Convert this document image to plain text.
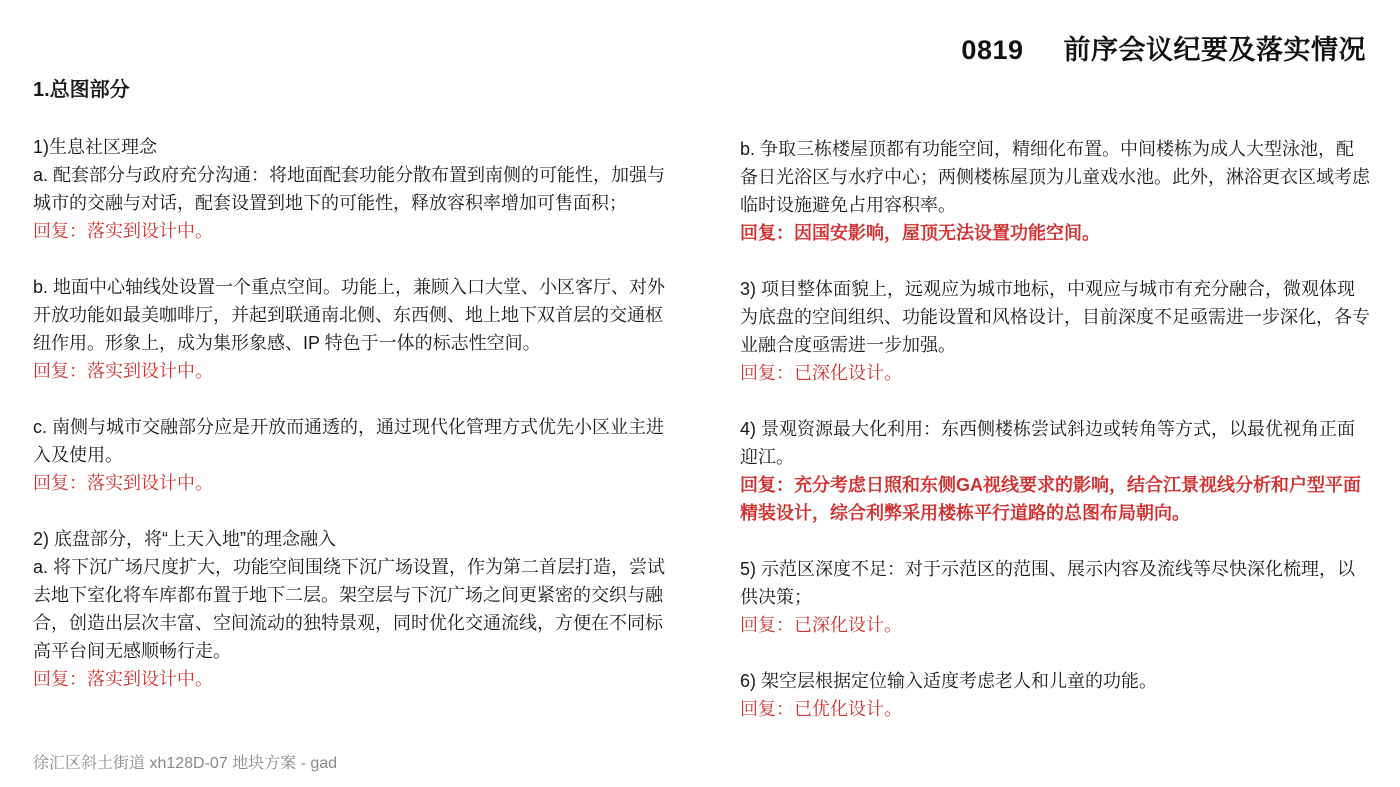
0819 前序会议纪要及落实情况
1.总图部分
1)生息社区理念
a. 配套部分与政府充分沟通：将地面配套功能分散布置到南侧的可能性，加强与城市的交融与对话，配套设置到地下的可能性，释放容积率增加可售面积；
回复：落实到设计中。
b. 地面中心轴线处设置一个重点空间。功能上，兼顾入口大堂、小区客厅、对外开放功能如最美咖啡厅，并起到联通南北侧、东西侧、地上地下双首层的交通枢纽作用。形象上，成为集形象感、IP 特色于一体的标志性空间。
回复：落实到设计中。
c. 南侧与城市交融部分应是开放而通透的，通过现代化管理方式优先小区业主进入及使用。
回复：落实到设计中。
2) 底盘部分，将“上天入地”的理念融入
a. 将下沉广场尺度扩大，功能空间围绕下沉广场设置，作为第二首层打造，尝试去地下室化将车库都布置于地下二层。架空层与下沉广场之间更紧密的交织与融合，创造出层次丰富、空间流动的独特景观，同时优化交通流线，方便在不同标高平台间无感顺畅行走。
回复：落实到设计中。
b. 争取三栋楼屋顶都有功能空间，精细化布置。中间楼栋为成人大型泳池，配备日光浴区与水疗中心；两侧楼栋屋顶为儿童戏水池。此外，淋浴更衣区域考虑临时设施避免占用容积率。
回复：因国安影响，屋顶无法设置功能空间。
3) 项目整体面貌上，远观应为城市地标，中观应与城市有充分融合，微观体现为底盘的空间组织、功能设置和风格设计，目前深度不足亟需进一步深化，各专业融合度亟需进一步加强。
回复：已深化设计。
4) 景观资源最大化利用：东西侧楼栋尝试斜边或转角等方式，以最优视角正面迎江。
回复：充分考虑日照和东侧GA视线要求的影响，结合江景视线分析和户型平面精装设计，综合利弊采用楼栋平行道路的总图布局朝向。
5) 示范区深度不足：对于示范区的范围、展示内容及流线等尽快深化梳理，以供决策；
回复：已深化设计。
6) 架空层根据定位输入适度考虑老人和儿童的功能。
回复：已优化设计。
徐汇区斜土街道 xh128D-07 地块方案 - gad
